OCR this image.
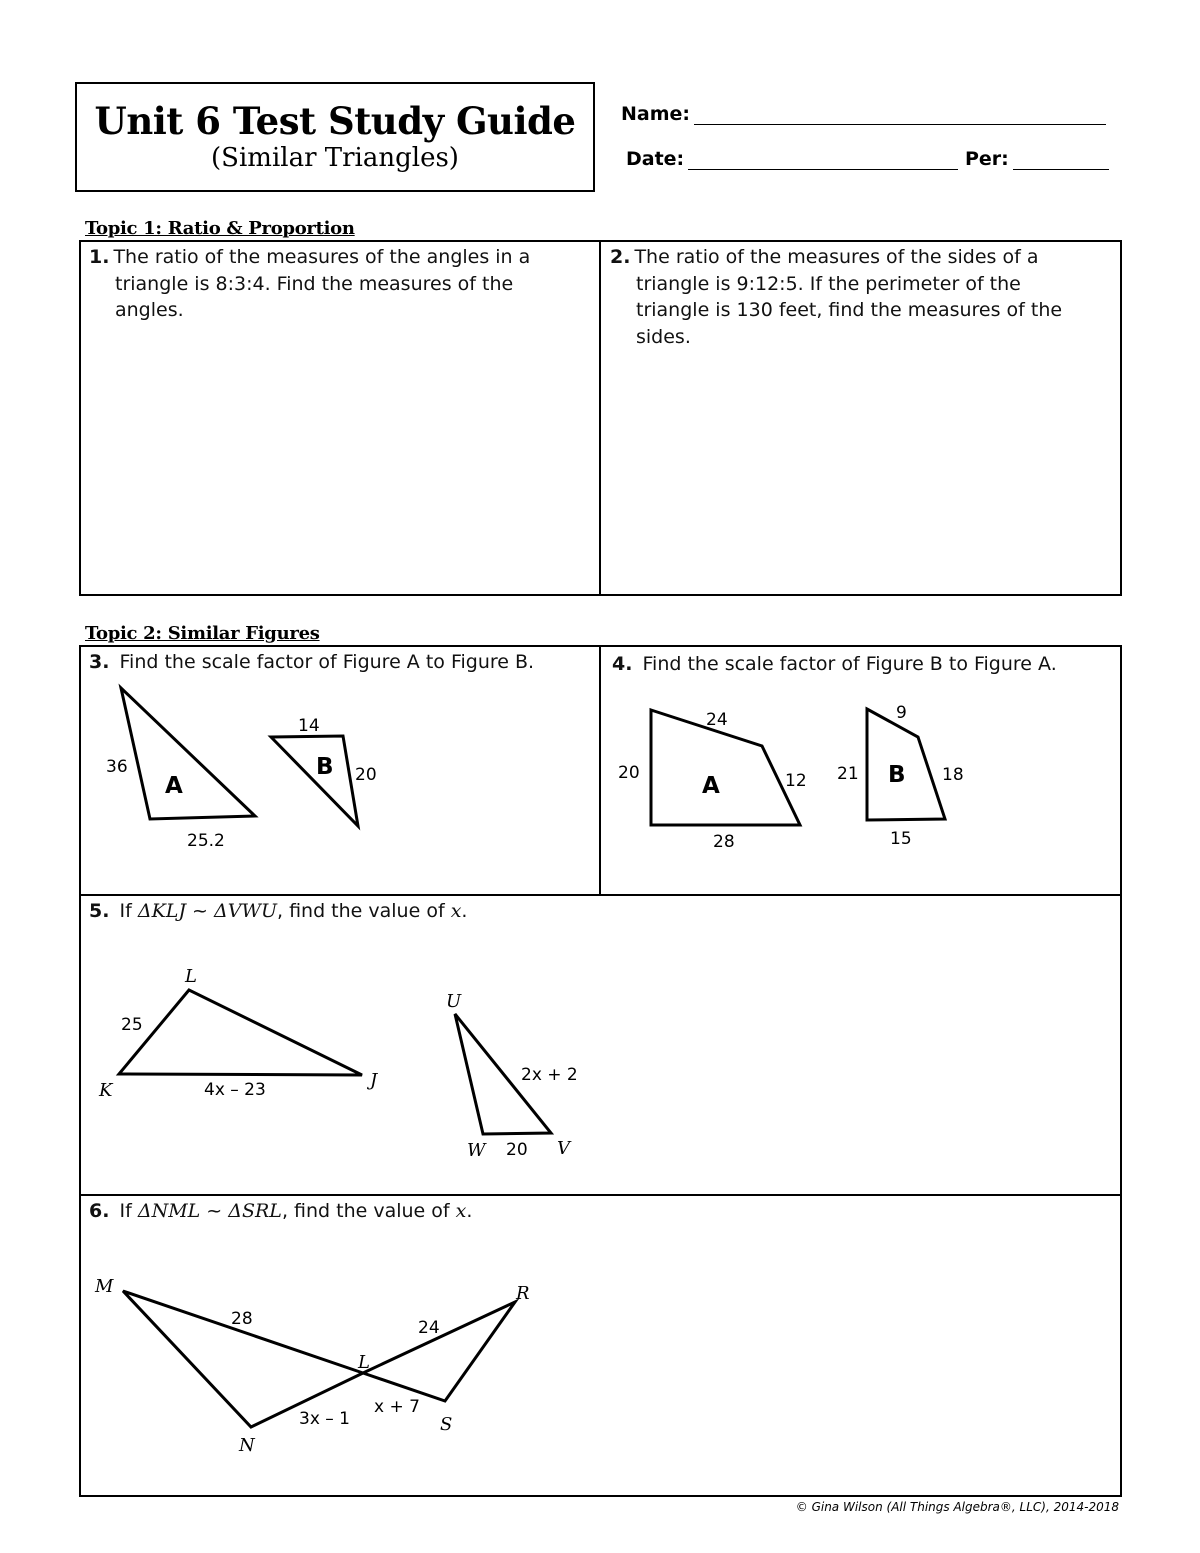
Unit 6 Test Study Guide
(Similar Triangles)
Name:
Date:	Per:
Topic 1: Ratio & Proportion
1. The ratio of the measures of the angles in a triangle is 8:3:4. Find the measures of the angles.
2. The ratio of the measures of the sides of a triangle is 9:12:5. If the perimeter of the triangle is 130 feet, find the measures of the sides.
Topic 2: Similar Figures
3. Find the scale factor of Figure A to Figure B.	4. Find the scale factor of Figure B to Figure A.
5. If ΔKLJ ~ ΔVWU, find the value of x.
6. If ΔNML ~ ΔSRL, find the value of x.
A
36
25.2
B
14
20	A
24
20	12
28
B
9
21	18
15
L
K	J
25
4x – 23
U
W	V
2x + 2
20
M
N
L
R
S
28	24
3x – 1
x + 7
© Gina Wilson (All Things Algebra®, LLC), 2014-2018
